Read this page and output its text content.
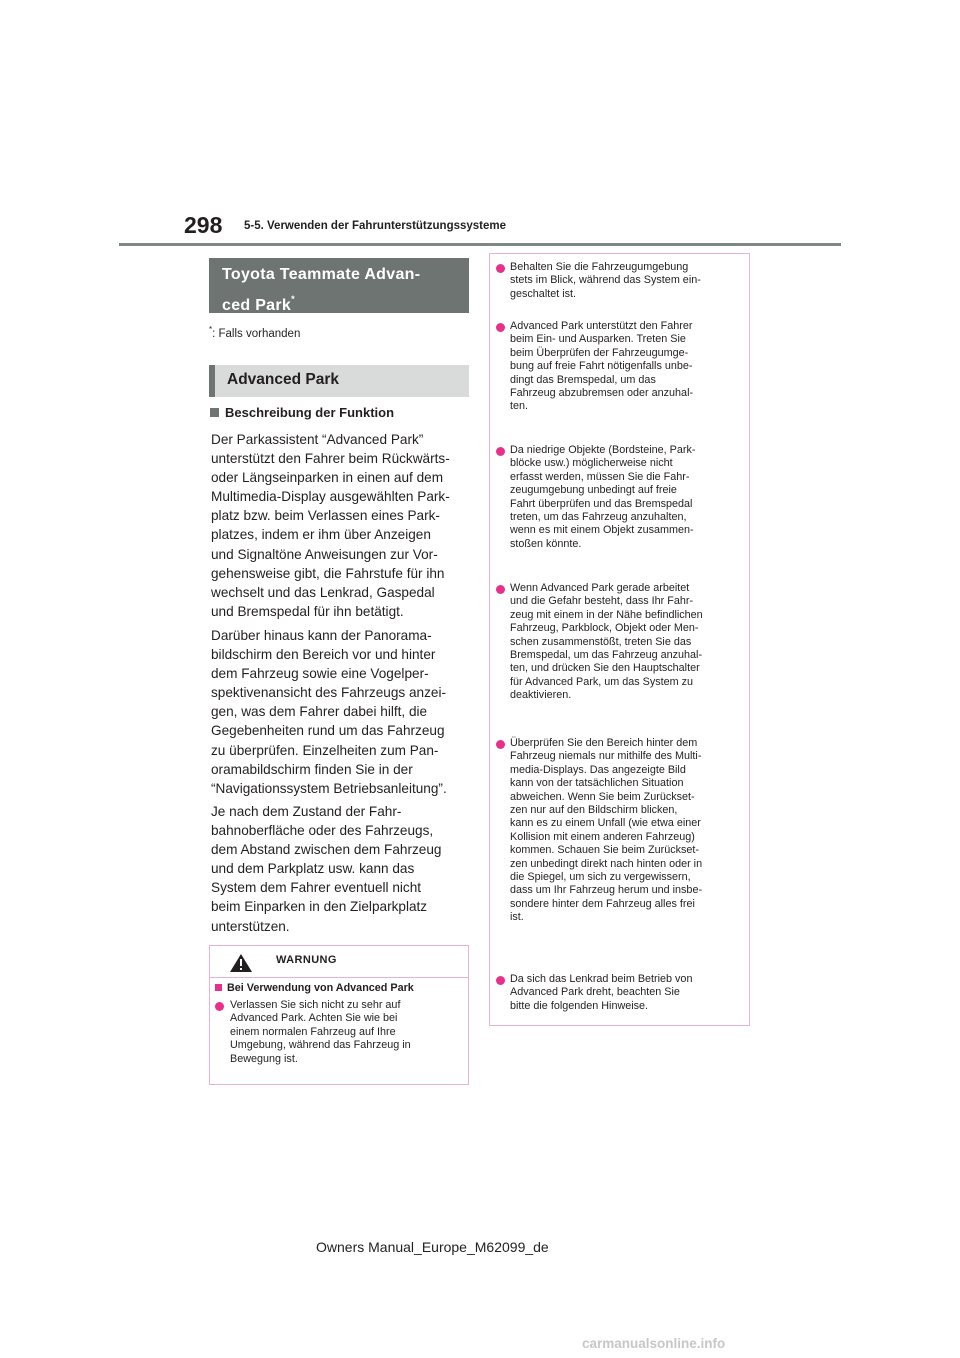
298 5-5. Verwenden der Fahrunterstützungssysteme
Toyota Teammate Advan-
ced Park*
*: Falls vorhanden
Advanced Park
Beschreibung der Funktion

Der Parkassistent “Advanced Park”
unterstützt den Fahrer beim Rückwärts-
oder Längseinparken in einen auf dem
Multimedia-Display ausgewählten Park-
platz bzw. beim Verlassen eines Park-
platzes, indem er ihm über Anzeigen
und Signaltöne Anweisungen zur Vor-
gehensweise gibt, die Fahrstufe für ihn
wechselt und das Lenkrad, Gaspedal
und Bremspedal für ihn betätigt.

Darüber hinaus kann der Panorama-
bildschirm den Bereich vor und hinter
dem Fahrzeug sowie eine Vogelper-
spektivenansicht des Fahrzeugs anzei-
gen, was dem Fahrer dabei hilft, die
Gegebenheiten rund um das Fahrzeug
zu überprüfen. Einzelheiten zum Pan-
oramabildschirm finden Sie in der
“Navigationssystem Betriebsanleitung”.

Je nach dem Zustand der Fahr-
bahnoberfläche oder des Fahrzeugs,
dem Abstand zwischen dem Fahrzeug
und dem Parkplatz usw. kann das
System dem Fahrer eventuell nicht
beim Einparken in den Zielparkplatz
unterstützen.

WARNUNG
Bei Verwendung von Advanced Park
Verlassen Sie sich nicht zu sehr auf
Advanced Park. Achten Sie wie bei
einem normalen Fahrzeug auf Ihre
Umgebung, während das Fahrzeug in
Bewegung ist.
Behalten Sie die Fahrzeugumgebung
stets im Blick, während das System ein-
geschaltet ist.
Advanced Park unterstützt den Fahrer
beim Ein- und Ausparken. Treten Sie
beim Überprüfen der Fahrzeugumge-
bung auf freie Fahrt nötigenfalls unbe-
dingt das Bremspedal, um das
Fahrzeug abzubremsen oder anzuhal-
ten.
Da niedrige Objekte (Bordsteine, Park-
blöcke usw.) möglicherweise nicht
erfasst werden, müssen Sie die Fahr-
zeugumgebung unbedingt auf freie
Fahrt überprüfen und das Bremspedal
treten, um das Fahrzeug anzuhalten,
wenn es mit einem Objekt zusammen-
stoßen könnte.
Wenn Advanced Park gerade arbeitet
und die Gefahr besteht, dass Ihr Fahr-
zeug mit einem in der Nähe befindlichen
Fahrzeug, Parkblock, Objekt oder Men-
schen zusammenstößt, treten Sie das
Bremspedal, um das Fahrzeug anzuhal-
ten, und drücken Sie den Hauptschalter
für Advanced Park, um das System zu
deaktivieren.
Überprüfen Sie den Bereich hinter dem
Fahrzeug niemals nur mithilfe des Multi-
media-Displays. Das angezeigte Bild
kann von der tatsächlichen Situation
abweichen. Wenn Sie beim Zurückset-
zen nur auf den Bildschirm blicken,
kann es zu einem Unfall (wie etwa einer
Kollision mit einem anderen Fahrzeug)
kommen. Schauen Sie beim Zurückset-
zen unbedingt direkt nach hinten oder in
die Spiegel, um sich zu vergewissern,
dass um Ihr Fahrzeug herum und insbe-
sondere hinter dem Fahrzeug alles frei
ist.
Da sich das Lenkrad beim Betrieb von
Advanced Park dreht, beachten Sie
bitte die folgenden Hinweise.
Owners Manual_Europe_M62099_de
carmanualsonline.info
